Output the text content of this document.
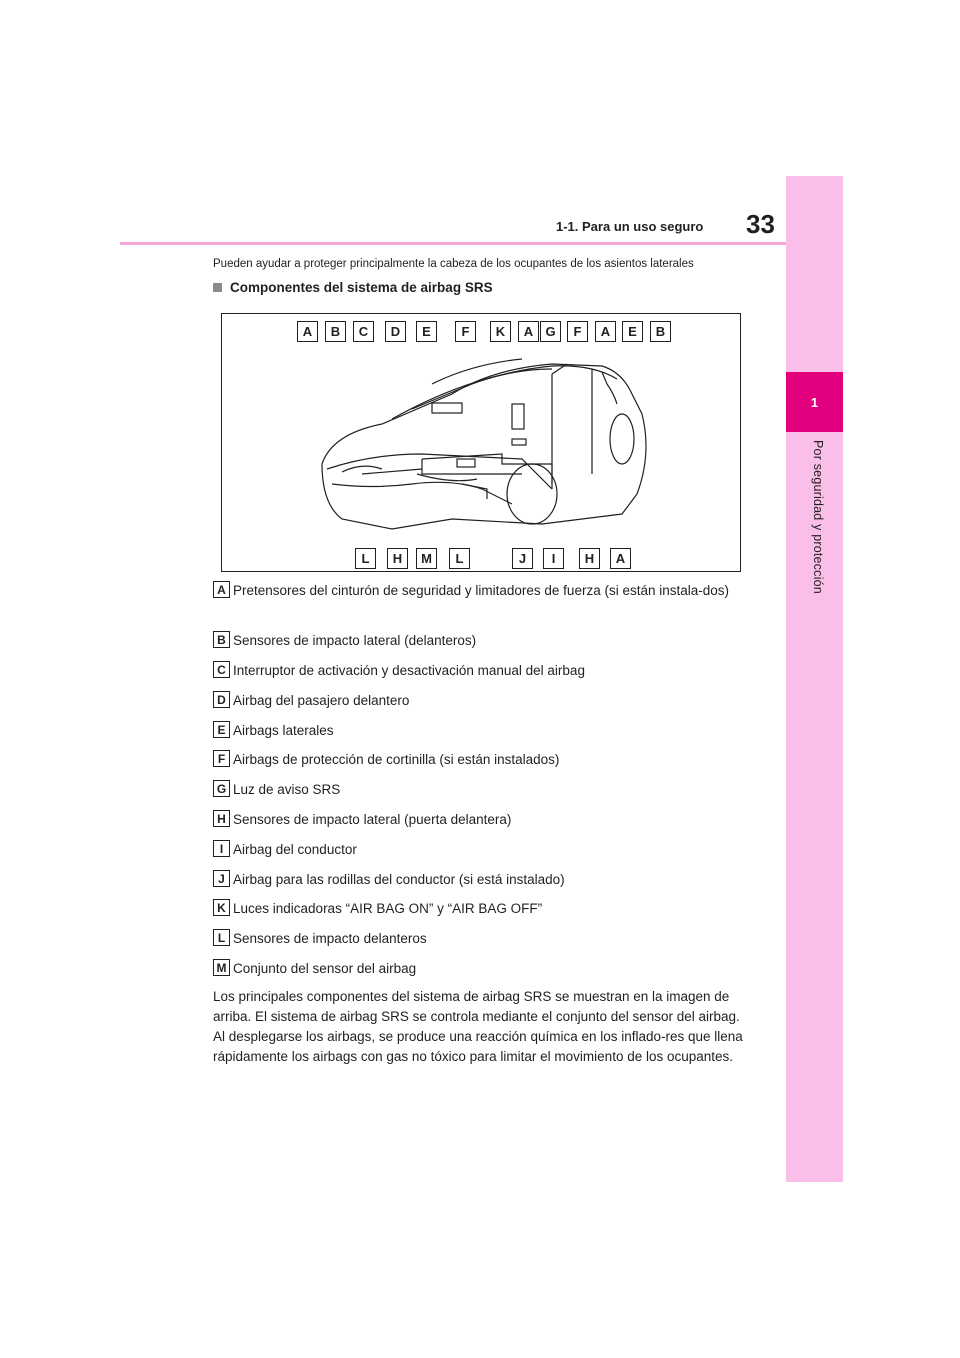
1
Por seguridad y protección
1-1. Para un uso seguro 33
Pueden ayudar a proteger principalmente la cabeza de los ocupantes de los asientos laterales
Componentes del sistema de airbag SRS
A	B	C	D	E	F	K	A G	F	A	E	B
L	H	M	L	J	I	H	A
A Pretensores del cinturón de seguridad y limitadores de fuerza (si están instala-dos)
B Sensores de impacto lateral (delanteros)
C Interruptor de activación y desactivación manual del airbag
D Airbag del pasajero delantero
E Airbags laterales
F Airbags de protección de cortinilla (si están instalados)
G Luz de aviso SRS
H Sensores de impacto lateral (puerta delantera)
I Airbag del conductor
J Airbag para las rodillas del conductor (si está instalado)
K Luces indicadoras “AIR BAG ON” y “AIR BAG OFF”
L Sensores de impacto delanteros
M Conjunto del sensor del airbag
Los principales componentes del sistema de airbag SRS se muestran en la imagen de arriba. El sistema de airbag SRS se controla mediante el conjunto del sensor del airbag. Al desplegarse los airbags, se produce una reacción química en los inflado-res que llena rápidamente los airbags con gas no tóxico para limitar el movimiento de los ocupantes.
